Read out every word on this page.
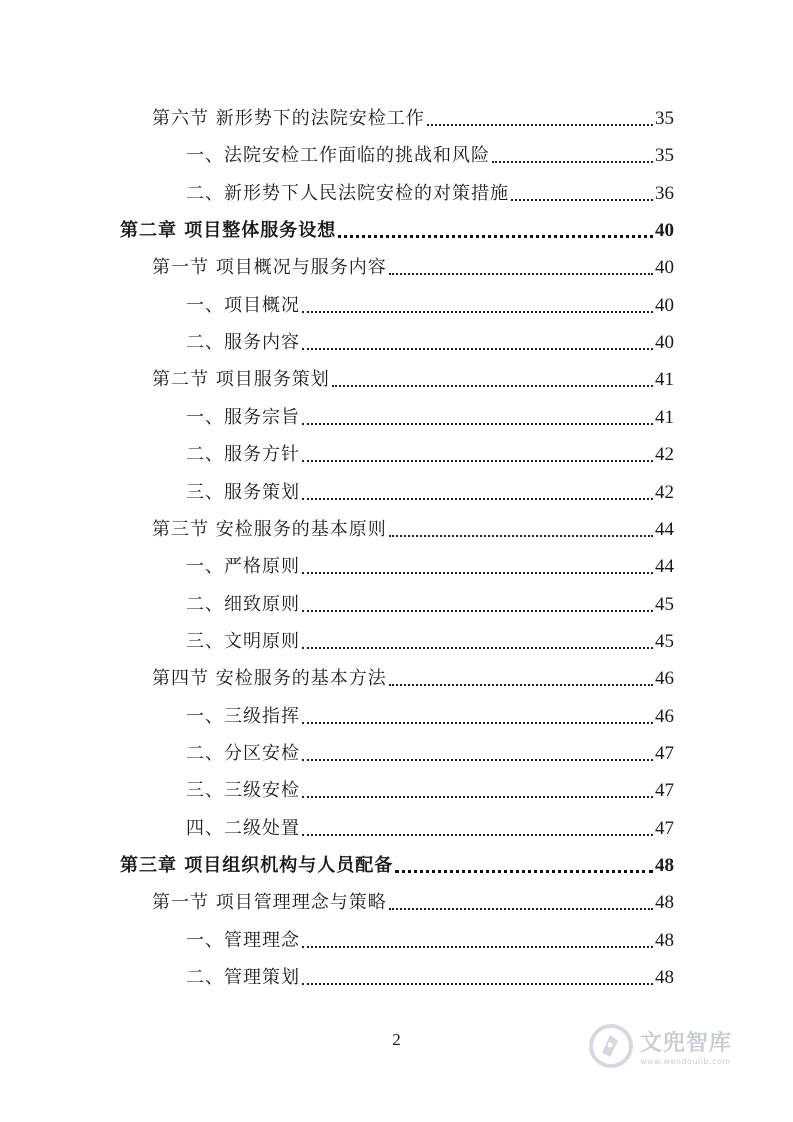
第六节 新形势下的法院安检工作	35
一、法院安检工作面临的挑战和风险	35
二、新形势下人民法院安检的对策措施	36
第二章 项目整体服务设想	40
第一节 项目概况与服务内容	40
一、项目概况	40
二、服务内容	40
第二节 项目服务策划	41
一、服务宗旨	41
二、服务方针	42
三、服务策划	42
第三节 安检服务的基本原则	44
一、严格原则	44
二、细致原则	45
三、文明原则	45
第四节 安检服务的基本方法	46
一、三级指挥	46
二、分区安检	47
三、三级安检	47
四、二级处置	47
第三章 项目组织机构与人员配备	48
第一节 项目管理理念与策略	48
一、管理理念	48
二、管理策划	48
2	文兜智库
www.wendoulib.com
